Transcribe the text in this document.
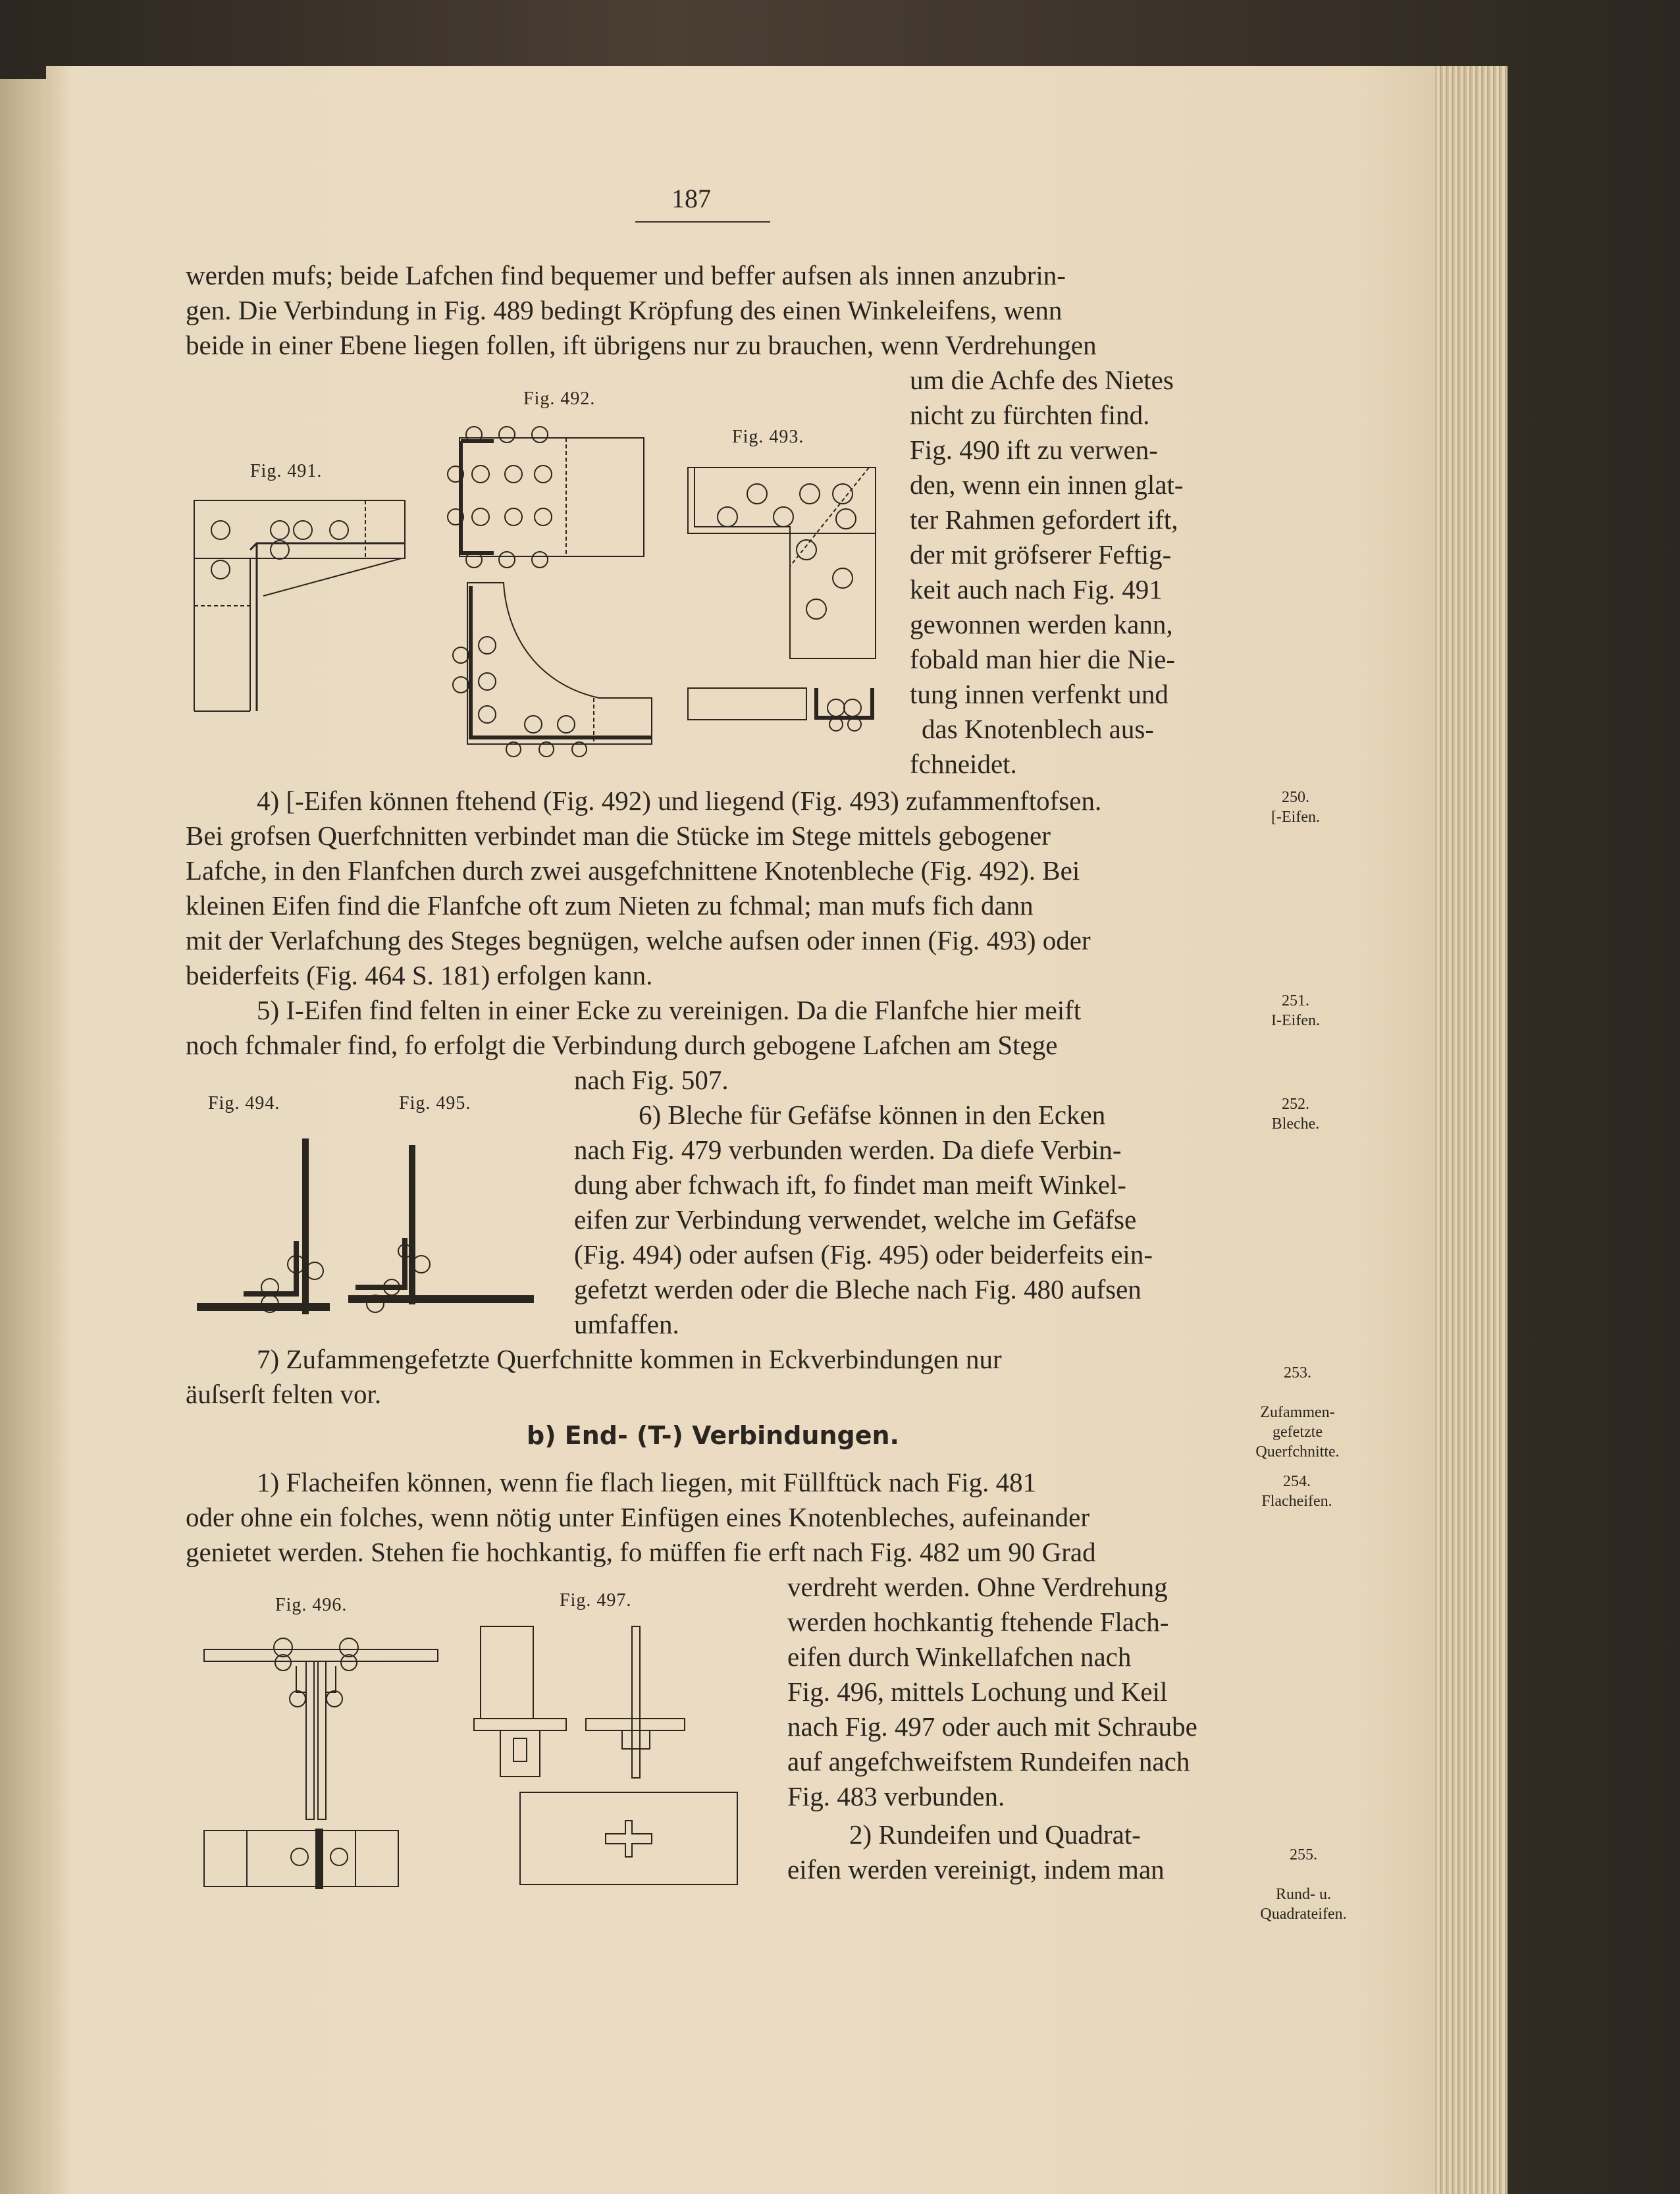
187
werden mufs; beide Lafchen find bequemer und beffer aufsen als innen anzubrin-
gen. Die Verbindung in Fig. 489 bedingt Kröpfung des einen Winkeleifens, wenn
beide in einer Ebene liegen follen, ift übrigens nur zu brauchen, wenn Verdrehungen
um die Achfe des Nietes
nicht zu fürchten find.
Fig. 490 ift zu verwen-
den, wenn ein innen glat-
ter Rahmen gefordert ift,
der mit gröfserer Feftig-
keit auch nach Fig. 491
gewonnen werden kann,
fobald man hier die Nie-
tung innen verfenkt und
das Knotenblech aus-
fchneidet.
4) [-Eifen können ftehend (Fig. 492) und liegend (Fig. 493) zufammenftofsen.
Bei grofsen Querfchnitten verbindet man die Stücke im Stege mittels gebogener
Lafche, in den Flanfchen durch zwei ausgefchnittene Knotenbleche (Fig. 492). Bei
kleinen Eifen find die Flanfche oft zum Nieten zu fchmal; man mufs fich dann
mit der Verlafchung des Steges begnügen, welche aufsen oder innen (Fig. 493) oder
beiderfeits (Fig. 464 S. 181) erfolgen kann.
5) I-Eifen find felten in einer Ecke zu vereinigen. Da die Flanfche hier meift
noch fchmaler find, fo erfolgt die Verbindung durch gebogene Lafchen am Stege
nach Fig. 507.
6) Bleche für Gefäfse können in den Ecken
nach Fig. 479 verbunden werden. Da diefe Verbin-
dung aber fchwach ift, fo findet man meift Winkel-
eifen zur Verbindung verwendet, welche im Gefäfse
(Fig. 494) oder aufsen (Fig. 495) oder beiderfeits ein-
gefetzt werden oder die Bleche nach Fig. 480 aufsen
umfaffen.
7) Zufammengefetzte Querfchnitte kommen in Eckverbindungen nur
äuſserſt felten vor.
b) End- (T-) Verbindungen.
1) Flacheifen können, wenn fie flach liegen, mit Füllftück nach Fig. 481
oder ohne ein folches, wenn nötig unter Einfügen eines Knotenbleches, aufeinander
genietet werden. Stehen fie hochkantig, fo müffen fie erft nach Fig. 482 um 90 Grad
verdreht werden. Ohne Verdrehung
werden hochkantig ftehende Flach-
eifen durch Winkellafchen nach
Fig. 496, mittels Lochung und Keil
nach Fig. 497 oder auch mit Schraube
auf angefchweifstem Rundeifen nach
Fig. 483 verbunden.
2) Rundeifen und Quadrat-
eifen werden vereinigt, indem man
Fig. 491.
Fig. 492.
Fig. 493.
Fig. 494.	Fig. 495.
Fig. 496.	Fig. 497.
250.
[-Eifen.
251.
I-Eifen.
252.
Bleche.

253.

Zufammen-
gefetzte
Querfchnitte.

254.
Flacheifen.

255.

Rund- u.
Quadrateifen.
